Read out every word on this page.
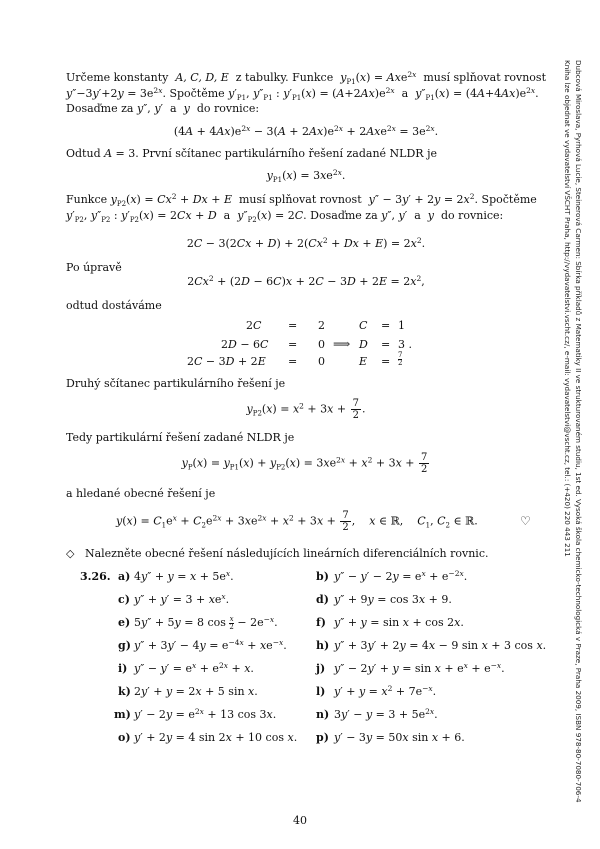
Dubcová Miroslava, Pyrhová Lucie, Steinerová Carmen: Sbírka příkladů z Matematiky II ve strukturovaném studiu, 1st ed. Vysoká škola chemicko-technologická v Praze, Praha 2009, ISBN 978-80-7080-706-4
Kniha lze objednat ve vydavatelství VŠCHT Praha, http://vydavatelstvi.vscht.cz/, e-mail: vydavatelstvi@vscht.cz, tel.: (+420) 220 443 211
Určeme konstanty A, C, D, E z tabulky. Funkce $y_{P1}(x) = Axe^{2x}$ musí splňovat rovnost
$y''-3y'+2y = 3e^{2x}$. Spočtěme $y'_{P1}$, $y''_{P1}$ : $y'_{P1}(x) = (A+2Ax)e^{2x}$ a $y''_{P1}(x) = (4A+4Ax)e^{2x}$.
Dosaďme za y″, y′  a y do rovnice:
$(4A + 4Ax)e^{2x} - 3(A + 2Ax)e^{2x} + 2Axe^{2x} = 3e^{2x}$.
Odtud A = 3. První sčítanec partikulárního řešení zadané NLDR je
$y_{P1}(x) = 3xe^{2x}$.
Funkce $y_{P2}(x) = Cx^2 + Dx + E$ musí splňovat rovnost $y'' - 3y' + 2y = 2x^2$. Spočtěme
$y'_{P2}$, $y''_{P2}$ : $y'_{P2}(x) = 2Cx + D$ a $y''_{P2}(x) = 2C$. Dosaďme za y″, y′  a y do rovnice:
$2C - 3(2Cx + D) + 2(Cx^2 + Dx + E) = 2x^2$.
Po úpravě
$2Cx^2 + (2D - 6C)x + 2C - 3D + 2E = 2x^2$,
odtud dostáváme
2C = 2	C = 1
2D − 6C = 0 ⟹ D = 3 .
2C − 3D + 2E = 0	$E = \frac{7}{2}$
Druhý sčítanec partikulárního řešení je
$y_{P2}(x) = x^2 + 3x + \frac{7}{2}$ .
Tedy partikulární řešení zadané NLDR je
$y_P(x) = y_{P1}(x) + y_{P2}(x) = 3xe^{2x} + x^2 + 3x + \frac{7}{2}$
a hledané obecné řešení je
$y(x) = C_1e^x + C_2e^{2x} + 3xe^{2x} + x^2 + 3x + \frac{7}{2}$ ,    x ∈ ℝ,    $C_1$, $C_2$ ∈ ℝ.	♡
◇ Nalezněte obecné řešení následujících lineárních diferenciálních rovnic.
3.26. a) $4y'' + y = x + 5e^x$.	b) $y'' - y' - 2y = e^x + e^{-2x}$.
c) $y'' + y' = 3 + xe^x$.	d) y″ + 9y = cos 3x + 9.
e) 5y″ + 5y = 8 $\cos \frac{x}{2} - 2e^{-x}$.	f) y″ + y = sin x + cos 2x.
g) $y'' + 3y' - 4y = e^{-4x} + xe^{-x}$.	h) y″ + 3y′ + 2y = 4x − 9 sin x + 3 cos x.
i) $y'' - y' = e^x + e^{2x} + x$.	j) $y'' - 2y' + y = \sin x + e^x + e^{-x}$.
k) 2y′ + y = 2x + 5 sin x.	l) $y' + y = x^2 + 7e^{-x}$.
m) $y' - 2y = e^{2x} + 13$ cos 3x.	n) $3y' - y = 3 + 5e^{2x}$.
o) y′ + 2y = 4 sin 2x + 10 cos x. p) y′ − 3y = 50x sin x + 6.
40
